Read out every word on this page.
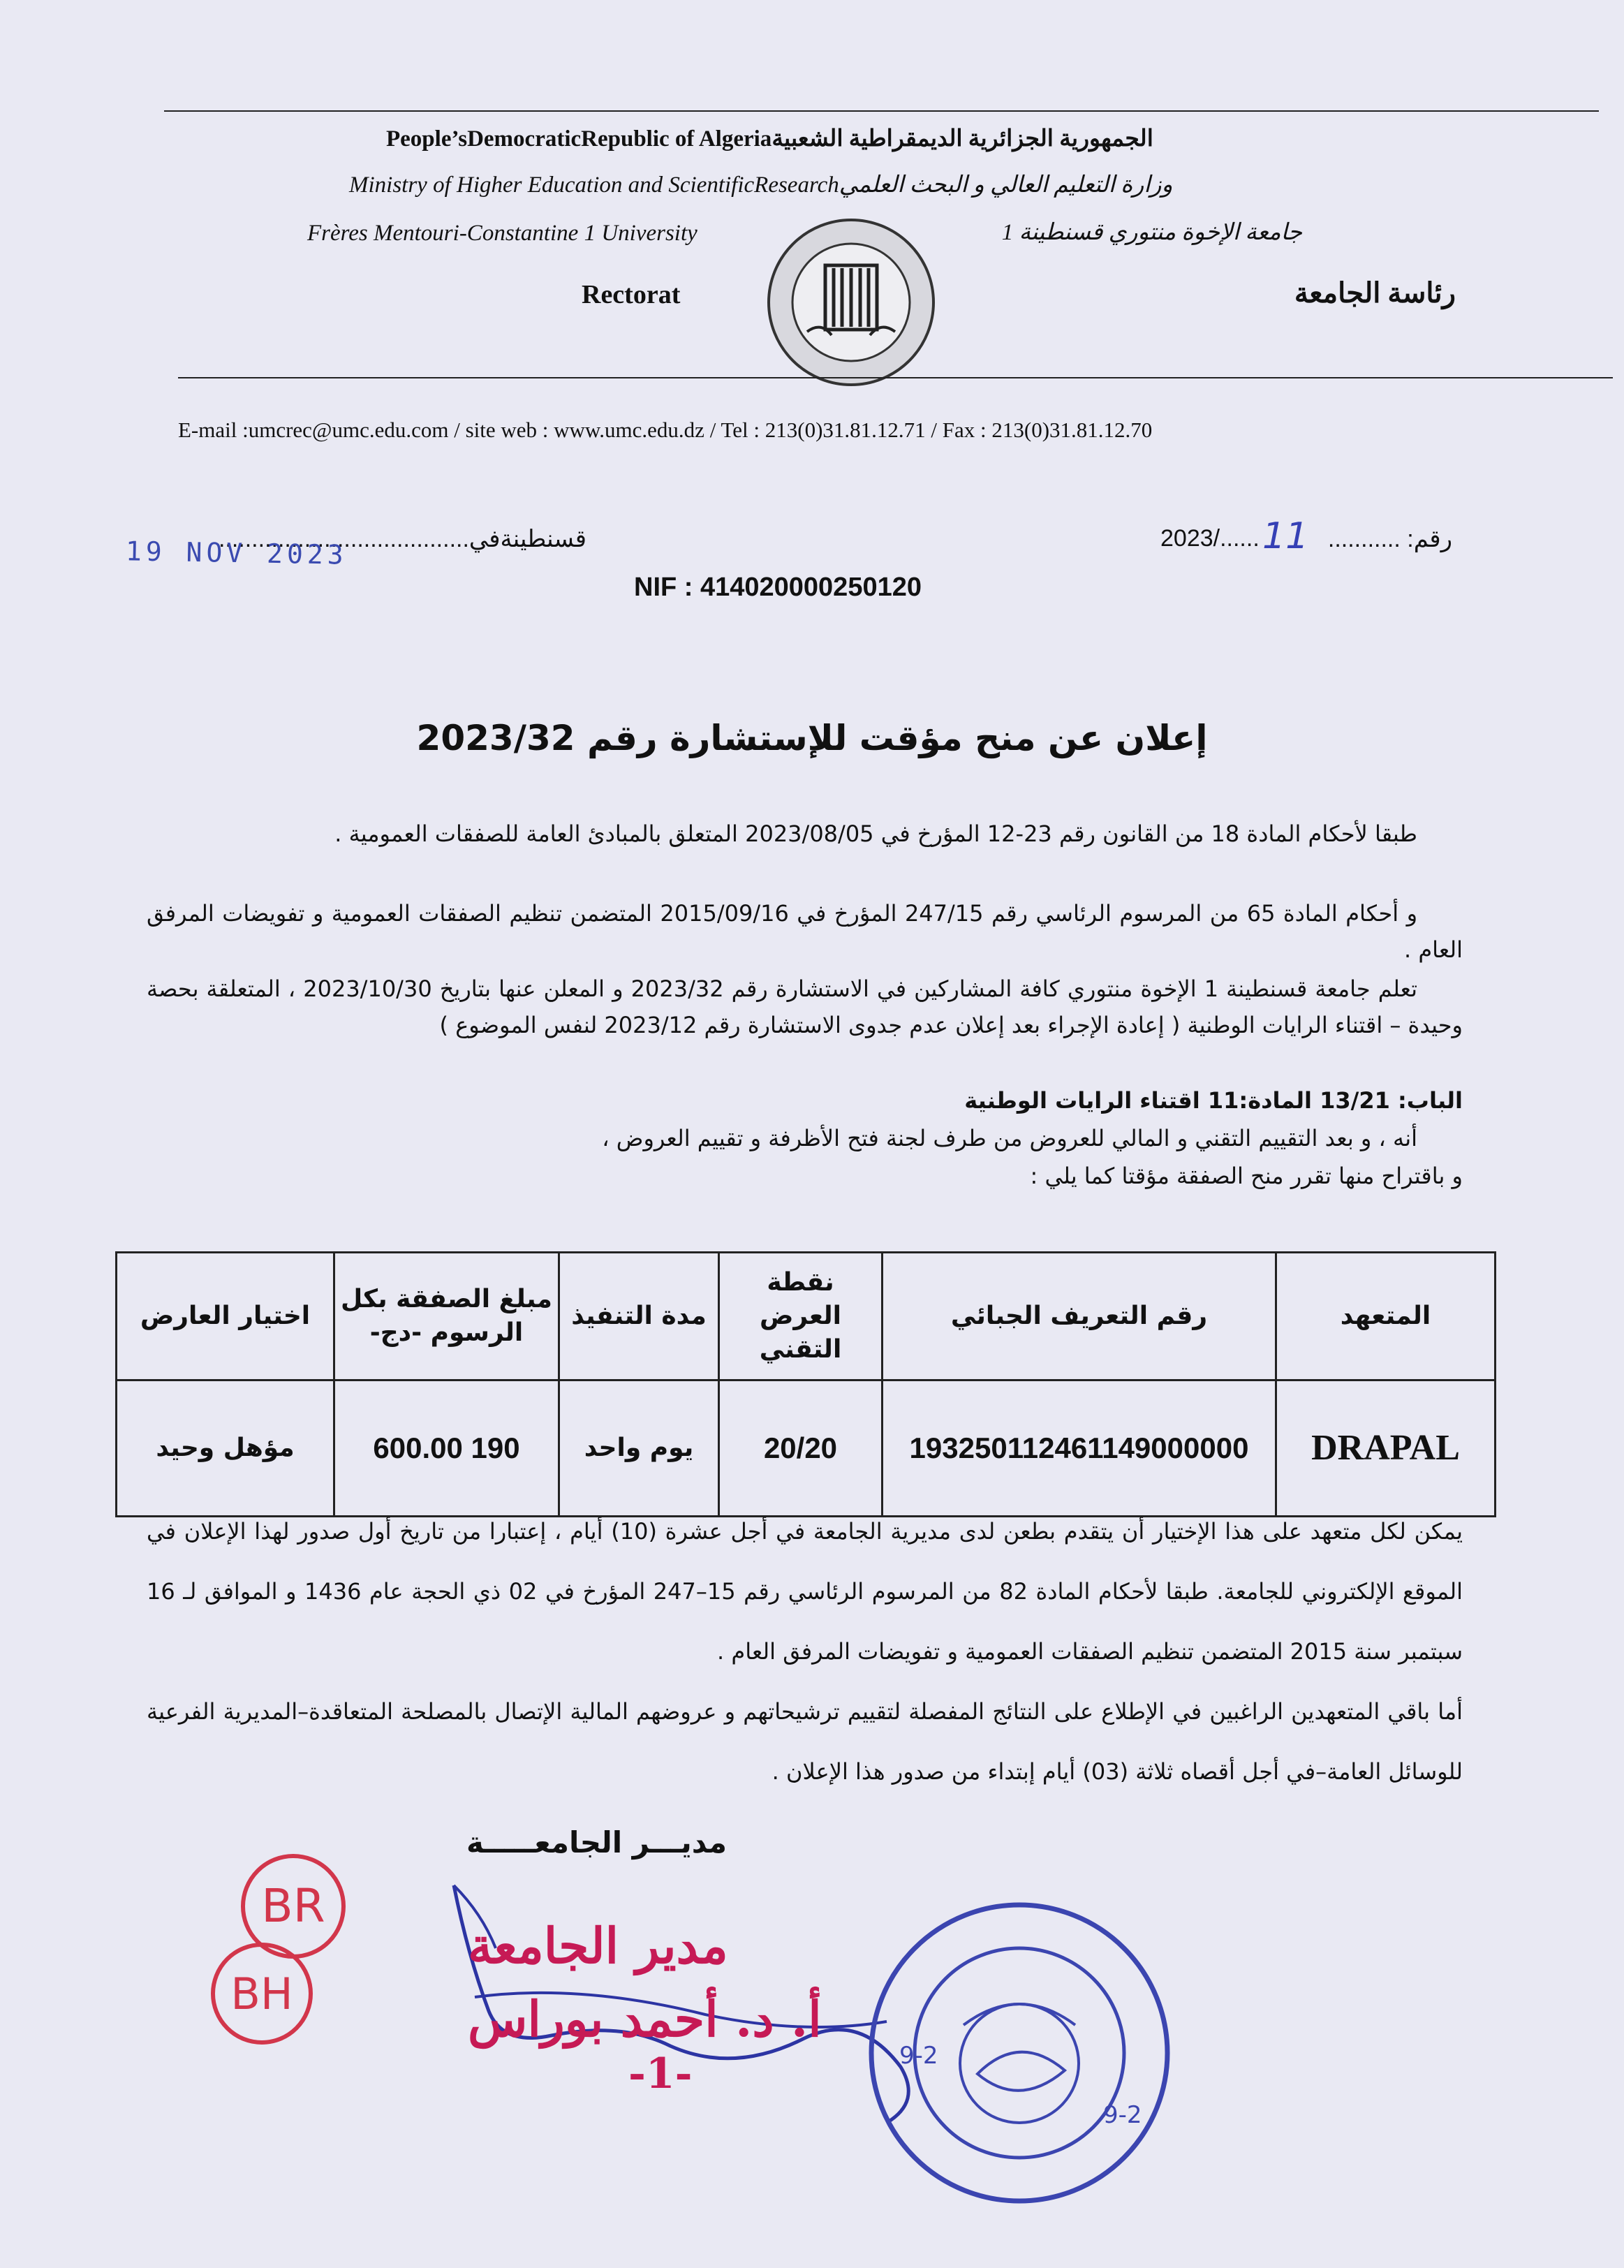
People’sDemocraticRepublic of Algeriaالجمهورية الجزائرية الديمقراطية الشعبية
Ministry of Higher Education and ScientificResearchوزارة التعليم العالي و البحث العلمي
Frères Mentouri-Constantine 1 University	جامعة الإخوة منتوري قسنطينة 1
Rectorat	رئاسة الجامعة
E-mail :umcrec@umc.edu.com / site web : www.umc.edu.dz / Tel : 213(0)31.81.12.71 / Fax : 213(0)31.81.12.70
رقم: ...........
2023/...... 11
قسنطينةفي......................................
19 NOV 2023
NIF : 414020000250120
إعلان عن منح مؤقت للإستشارة رقم 2023/32
طبقا لأحكام المادة 18 من القانون رقم 23-12 المؤرخ في 2023/08/05 المتعلق بالمبادئ العامة للصفقات العمومية .
و أحكام المادة 65 من المرسوم الرئاسي رقم 247/15 المؤرخ في 2015/09/16 المتضمن تنظيم الصفقات العمومية و تفويضات المرفق العام .
تعلم جامعة قسنطينة 1 الإخوة منتوري كافة المشاركين في الاستشارة رقم 2023/32 و المعلن عنها بتاريخ 2023/10/30 ، المتعلقة بحصة وحيدة – اقتناء الرايات الوطنية ( إعادة الإجراء بعد إعلان عدم جدوى الاستشارة رقم 2023/12 لنفس الموضوع )
الباب: 13/21 المادة:11 اقتناء الرايات الوطنية
أنه ، و بعد التقييم التقني و المالي للعروض من طرف لجنة فتح الأظرفة و تقييم العروض ،
و باقتراح منها تقرر منح الصفقة مؤقتا كما يلي :
المتعهد	رقم التعريف الجبائي	نقطة العرض التقني	مدة التنفيذ	مبلغ الصفقة بكل الرسوم -دج-	اختيار العارض
DRAPAL	193250112461149000000	20/20	يوم واحد	190 600.00	مؤهل وحيد
يمكن لكل متعهد على هذا الإختيار أن يتقدم بطعن لدى مديرية الجامعة في أجل عشرة (10) أيام ، إعتبارا من تاريخ أول صدور لهذا الإعلان في الموقع الإلكتروني للجامعة. طبقا لأحكام المادة 82 من المرسوم الرئاسي رقم 15–247 المؤرخ في 02 ذي الحجة عام 1436 و الموافق لـ 16 سبتمبر سنة 2015 المتضمن تنظيم الصفقات العمومية و تفويضات المرفق العام .
أما باقي المتعهدين الراغبين في الإطلاع على النتائج المفصلة لتقييم ترشيحاتهم و عروضهم المالية الإتصال بالمصلحة المتعاقدة–المديرية الفرعية للوسائل العامة–في أجل أقصاه ثلاثة (03) أيام إبتداء من صدور هذا الإعلان .
مديـــر الجامعـــــة
BR
BH
مدير الجامعة
أ. د. أحمد بوراس
-1-	9-2
9-2
